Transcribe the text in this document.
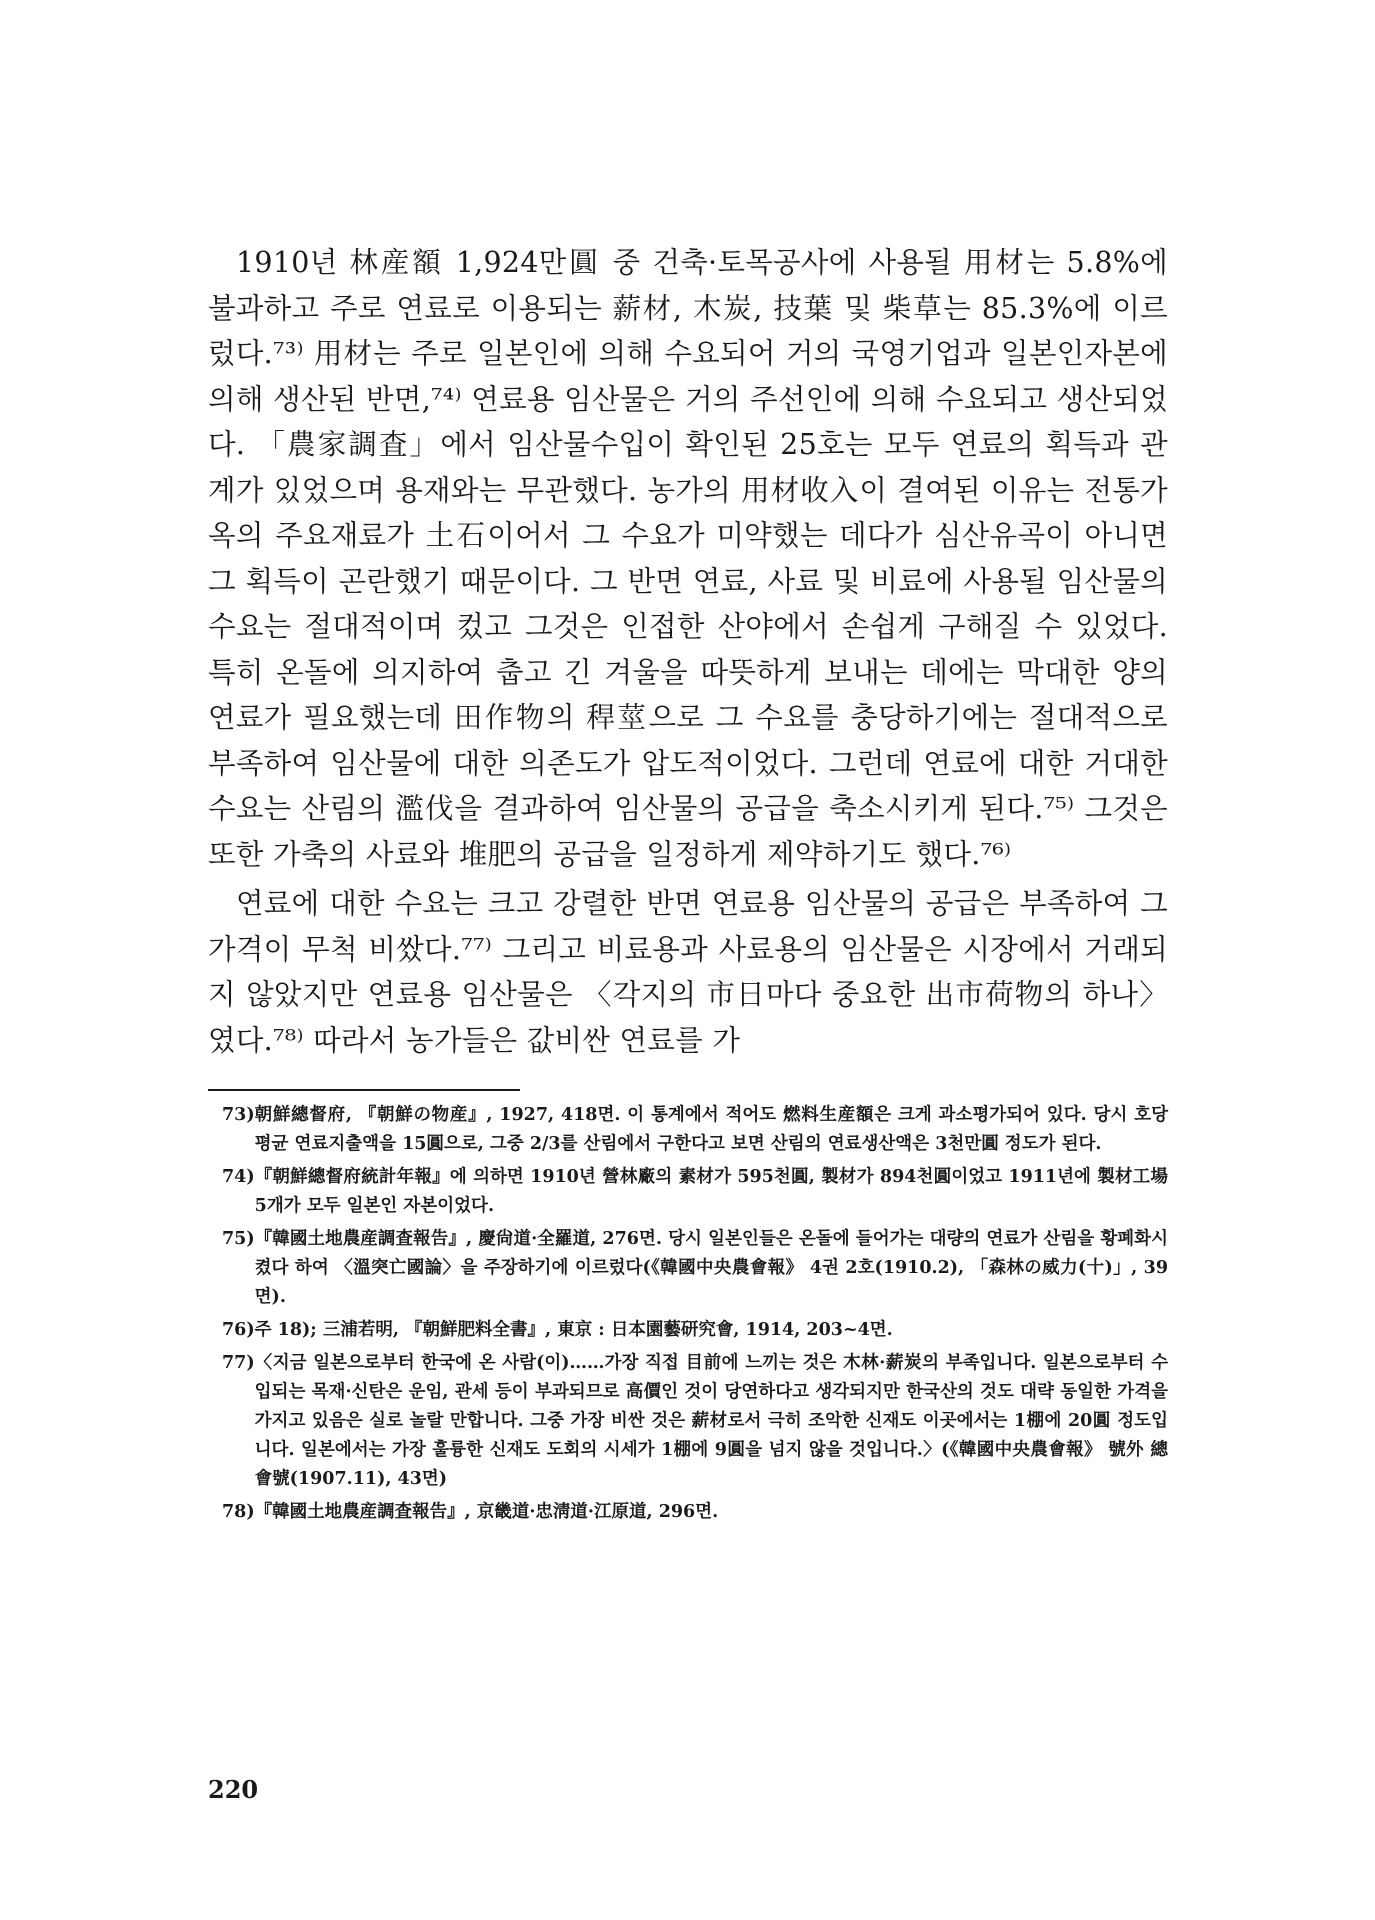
1910년 林産額 1,924만圓 중 건축·토목공사에 사용될 用材는 5.8%에 불과하고 주로 연료로 이용되는 薪材, 木炭, 技葉 및 柴草는 85.3%에 이르렀다.⁷³⁾ 用材는 주로 일본인에 의해 수요되어 거의 국영기업과 일본인자본에 의해 생산된 반면,⁷⁴⁾ 연료용 임산물은 거의 주선인에 의해 수요되고 생산되었다. 「農家調査」에서 임산물수입이 확인된 25호는 모두 연료의 획득과 관계가 있었으며 용재와는 무관했다. 농가의 用材收入이 결여된 이유는 전통가옥의 주요재료가 土石이어서 그 수요가 미약했는 데다가 심산유곡이 아니면 그 획득이 곤란했기 때문이다. 그 반면 연료, 사료 및 비료에 사용될 임산물의 수요는 절대적이며 컸고 그것은 인접한 산야에서 손쉽게 구해질 수 있었다. 특히 온돌에 의지하여 춥고 긴 겨울을 따뜻하게 보내는 데에는 막대한 양의 연료가 필요했는데 田作物의 稈莖으로 그 수요를 충당하기에는 절대적으로 부족하여 임산물에 대한 의존도가 압도적이었다. 그런데 연료에 대한 거대한 수요는 산림의 濫伐을 결과하여 임산물의 공급을 축소시키게 된다.⁷⁵⁾ 그것은 또한 가축의 사료와 堆肥의 공급을 일정하게 제약하기도 했다.⁷⁶⁾

연료에 대한 수요는 크고 강렬한 반면 연료용 임산물의 공급은 부족하여 그 가격이 무척 비쌌다.⁷⁷⁾ 그리고 비료용과 사료용의 임산물은 시장에서 거래되지 않았지만 연료용 임산물은 〈각지의 市日마다 중요한 出市荷物의 하나〉였다.⁷⁸⁾ 따라서 농가들은 값비싼 연료를 가

73) 朝鮮總督府, 『朝鮮の物産』, 1927, 418면. 이 통계에서 적어도 燃料生産額은 크게 과소평가되어 있다. 당시 호당 평균 연료지출액을 15圓으로, 그중 2/3를 산림에서 구한다고 보면 산림의 연료생산액은 3천만圓 정도가 된다.
74) 『朝鮮總督府統計年報』에 의하면 1910년 營林廠의 素材가 595천圓, 製材가 894천圓이었고 1911년에 製材工場 5개가 모두 일본인 자본이었다.
75) 『韓國土地農産調査報告』, 慶尙道·全羅道, 276면. 당시 일본인들은 온돌에 들어가는 대량의 연료가 산림을 황폐화시켰다 하여 〈溫突亡國論〉을 주장하기에 이르렀다(《韓國中央農會報》 4권 2호(1910.2), 「森林の威力(十)」, 39면).
76) 주 18); 三浦若明, 『朝鮮肥料全書』, 東京 : 日本園藝研究會, 1914, 203~4면.
77) 〈지금 일본으로부터 한국에 온 사람(이)……가장 직접 目前에 느끼는 것은 木林·薪炭의 부족입니다. 일본으로부터 수입되는 목재·신탄은 운임, 관세 등이 부과되므로 高價인 것이 당연하다고 생각되지만 한국산의 것도 대략 동일한 가격을 가지고 있음은 실로 놀랄 만합니다. 그중 가장 비싼 것은 薪材로서 극히 조악한 신재도 이곳에서는 1棚에 20圓 정도입니다. 일본에서는 가장 훌륭한 신재도 도회의 시세가 1棚에 9圓을 넘지 않을 것입니다.〉(《韓國中央農會報》 號外 總會號(1907.11), 43면)
78) 『韓國土地農産調査報告』, 京畿道·忠淸道·江原道, 296면.
220
